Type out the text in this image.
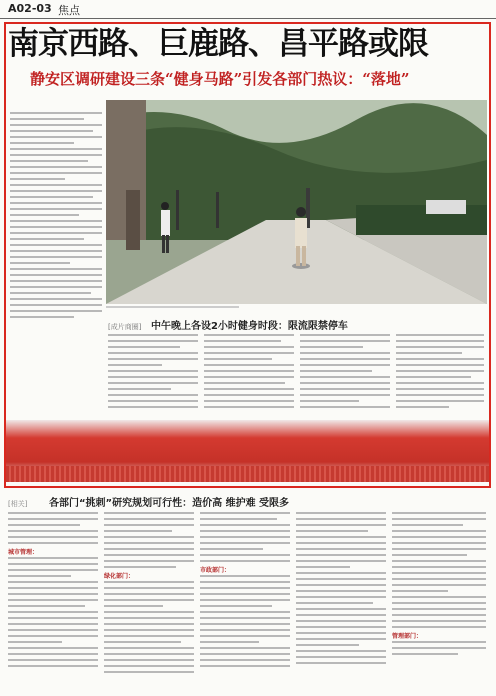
A02-03 焦点
南京西路、巨鹿路、昌平路或限
静安区调研建设三条“健身马路”引发各部门热议：“落地”
[成片商圈] 中午晚上各设2小时健身时段：限流限禁停车
[相关] 各部门“挑刺”研究规划可行性：造价高 维护难 受限多
城市管理：
绿化部门：
市政部门：
管理部门：
